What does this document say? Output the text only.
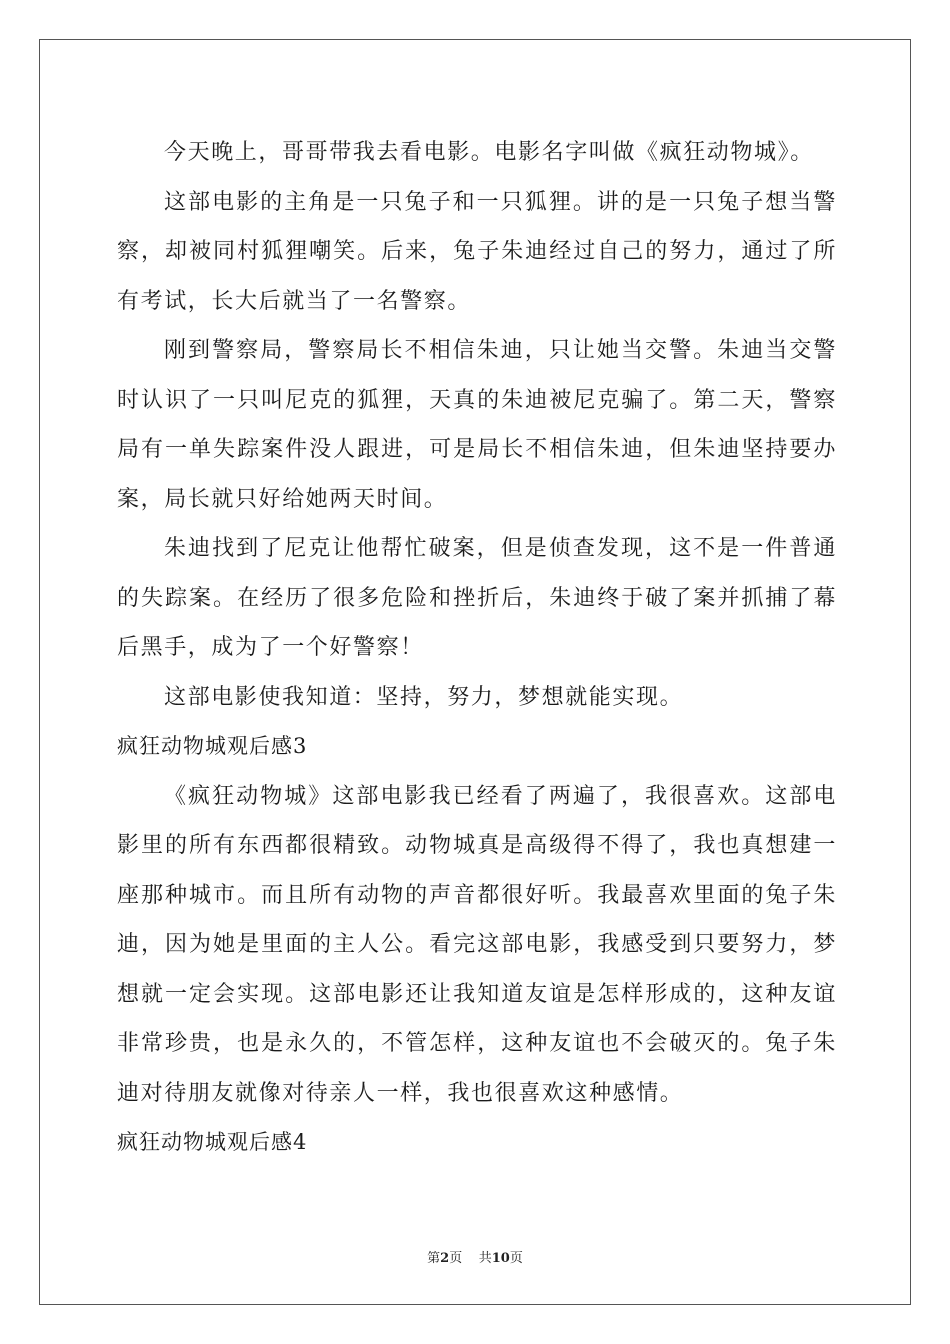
今天晚上，哥哥带我去看电影。电影名字叫做《疯狂动物城》。

这部电影的主角是一只兔子和一只狐狸。讲的是一只兔子想当警察，却被同村狐狸嘲笑。后来，兔子朱迪经过自己的努力，通过了所有考试，长大后就当了一名警察。

刚到警察局，警察局长不相信朱迪，只让她当交警。朱迪当交警时认识了一只叫尼克的狐狸，天真的朱迪被尼克骗了。第二天，警察局有一单失踪案件没人跟进，可是局长不相信朱迪，但朱迪坚持要办案，局长就只好给她两天时间。

朱迪找到了尼克让他帮忙破案，但是侦查发现，这不是一件普通的失踪案。在经历了很多危险和挫折后，朱迪终于破了案并抓捕了幕后黑手，成为了一个好警察！

这部电影使我知道：坚持，努力，梦想就能实现。

疯狂动物城观后感3

《疯狂动物城》这部电影我已经看了两遍了，我很喜欢。这部电影里的所有东西都很精致。动物城真是高级得不得了，我也真想建一座那种城市。而且所有动物的声音都很好听。我最喜欢里面的兔子朱迪，因为她是里面的主人公。看完这部电影，我感受到只要努力，梦想就一定会实现。这部电影还让我知道友谊是怎样形成的，这种友谊非常珍贵，也是永久的，不管怎样，这种友谊也不会破灭的。兔子朱迪对待朋友就像对待亲人一样，我也很喜欢这种感情。

疯狂动物城观后感4

第2页 共10页
